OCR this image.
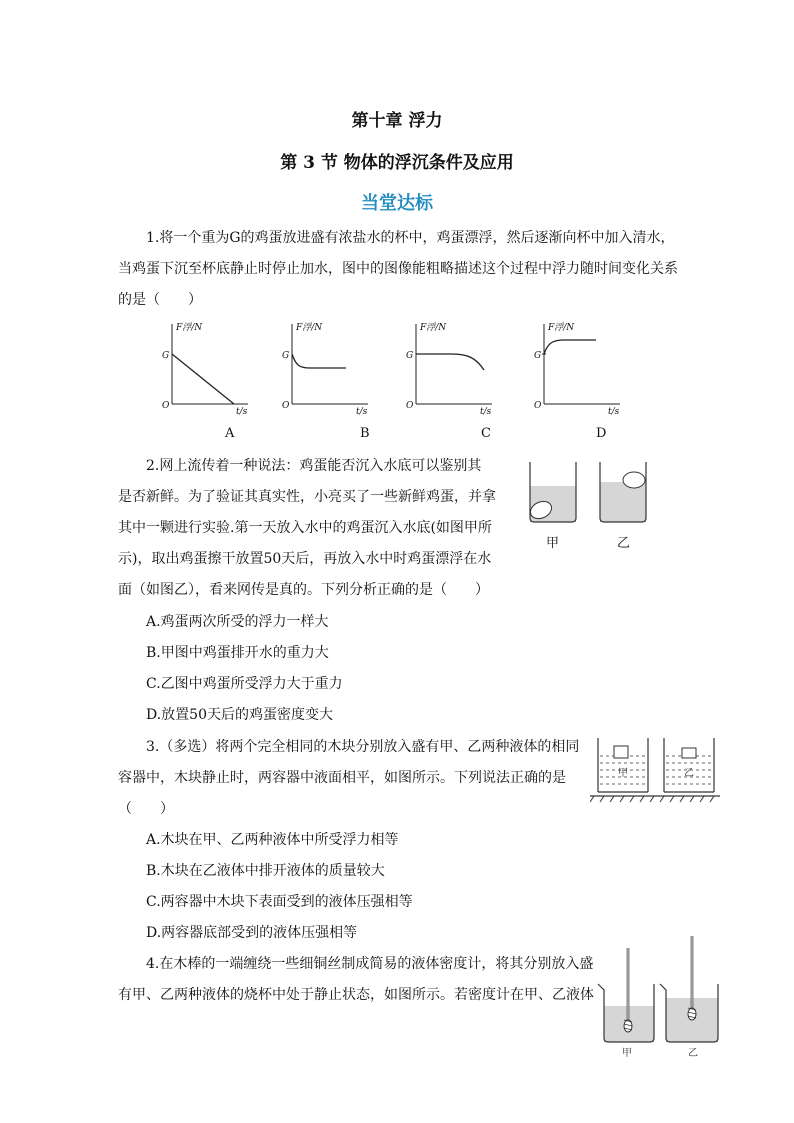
第十章 浮力
第 3 节 物体的浮沉条件及应用
当堂达标
1.将一个重为G的鸡蛋放进盛有浓盐水的杯中，鸡蛋漂浮，然后逐渐向杯中加入清水，
当鸡蛋下沉至杯底静止时停止加水，图中的图像能粗略描述这个过程中浮力随时间变化关系
的是（　　）
F浮/N
G
O
t/s
F浮/N
G
O
t/s
F浮/N
G
O
t/s
F浮/N
G
O
t/s
A	B	C	D
2.网上流传着一种说法：鸡蛋能否沉入水底可以鉴别其
是否新鲜。为了验证其真实性，小亮买了一些新鲜鸡蛋，并拿
其中一颗进行实验.第一天放入水中的鸡蛋沉入水底(如图甲所
示)，取出鸡蛋擦干放置50天后，再放入水中时鸡蛋漂浮在水
面（如图乙），看来网传是真的。下列分析正确的是（　　）
甲	乙
A.鸡蛋两次所受的浮力一样大
B.甲图中鸡蛋排开水的重力大
C.乙图中鸡蛋所受浮力大于重力
D.放置50天后的鸡蛋密度变大
3.（多选）将两个完全相同的木块分别放入盛有甲、乙两种液体的相同
容器中，木块静止时，两容器中液面相平，如图所示。下列说法正确的是
（　　）
甲	乙
A.木块在甲、乙两种液体中所受浮力相等
B.木块在乙液体中排开液体的质量较大
C.两容器中木块下表面受到的液体压强相等
D.两容器底部受到的液体压强相等
4.在木棒的一端缠绕一些细铜丝制成简易的液体密度计，将其分别放入盛
有甲、乙两种液体的烧杯中处于静止状态，如图所示。若密度计在甲、乙液体
甲	乙
